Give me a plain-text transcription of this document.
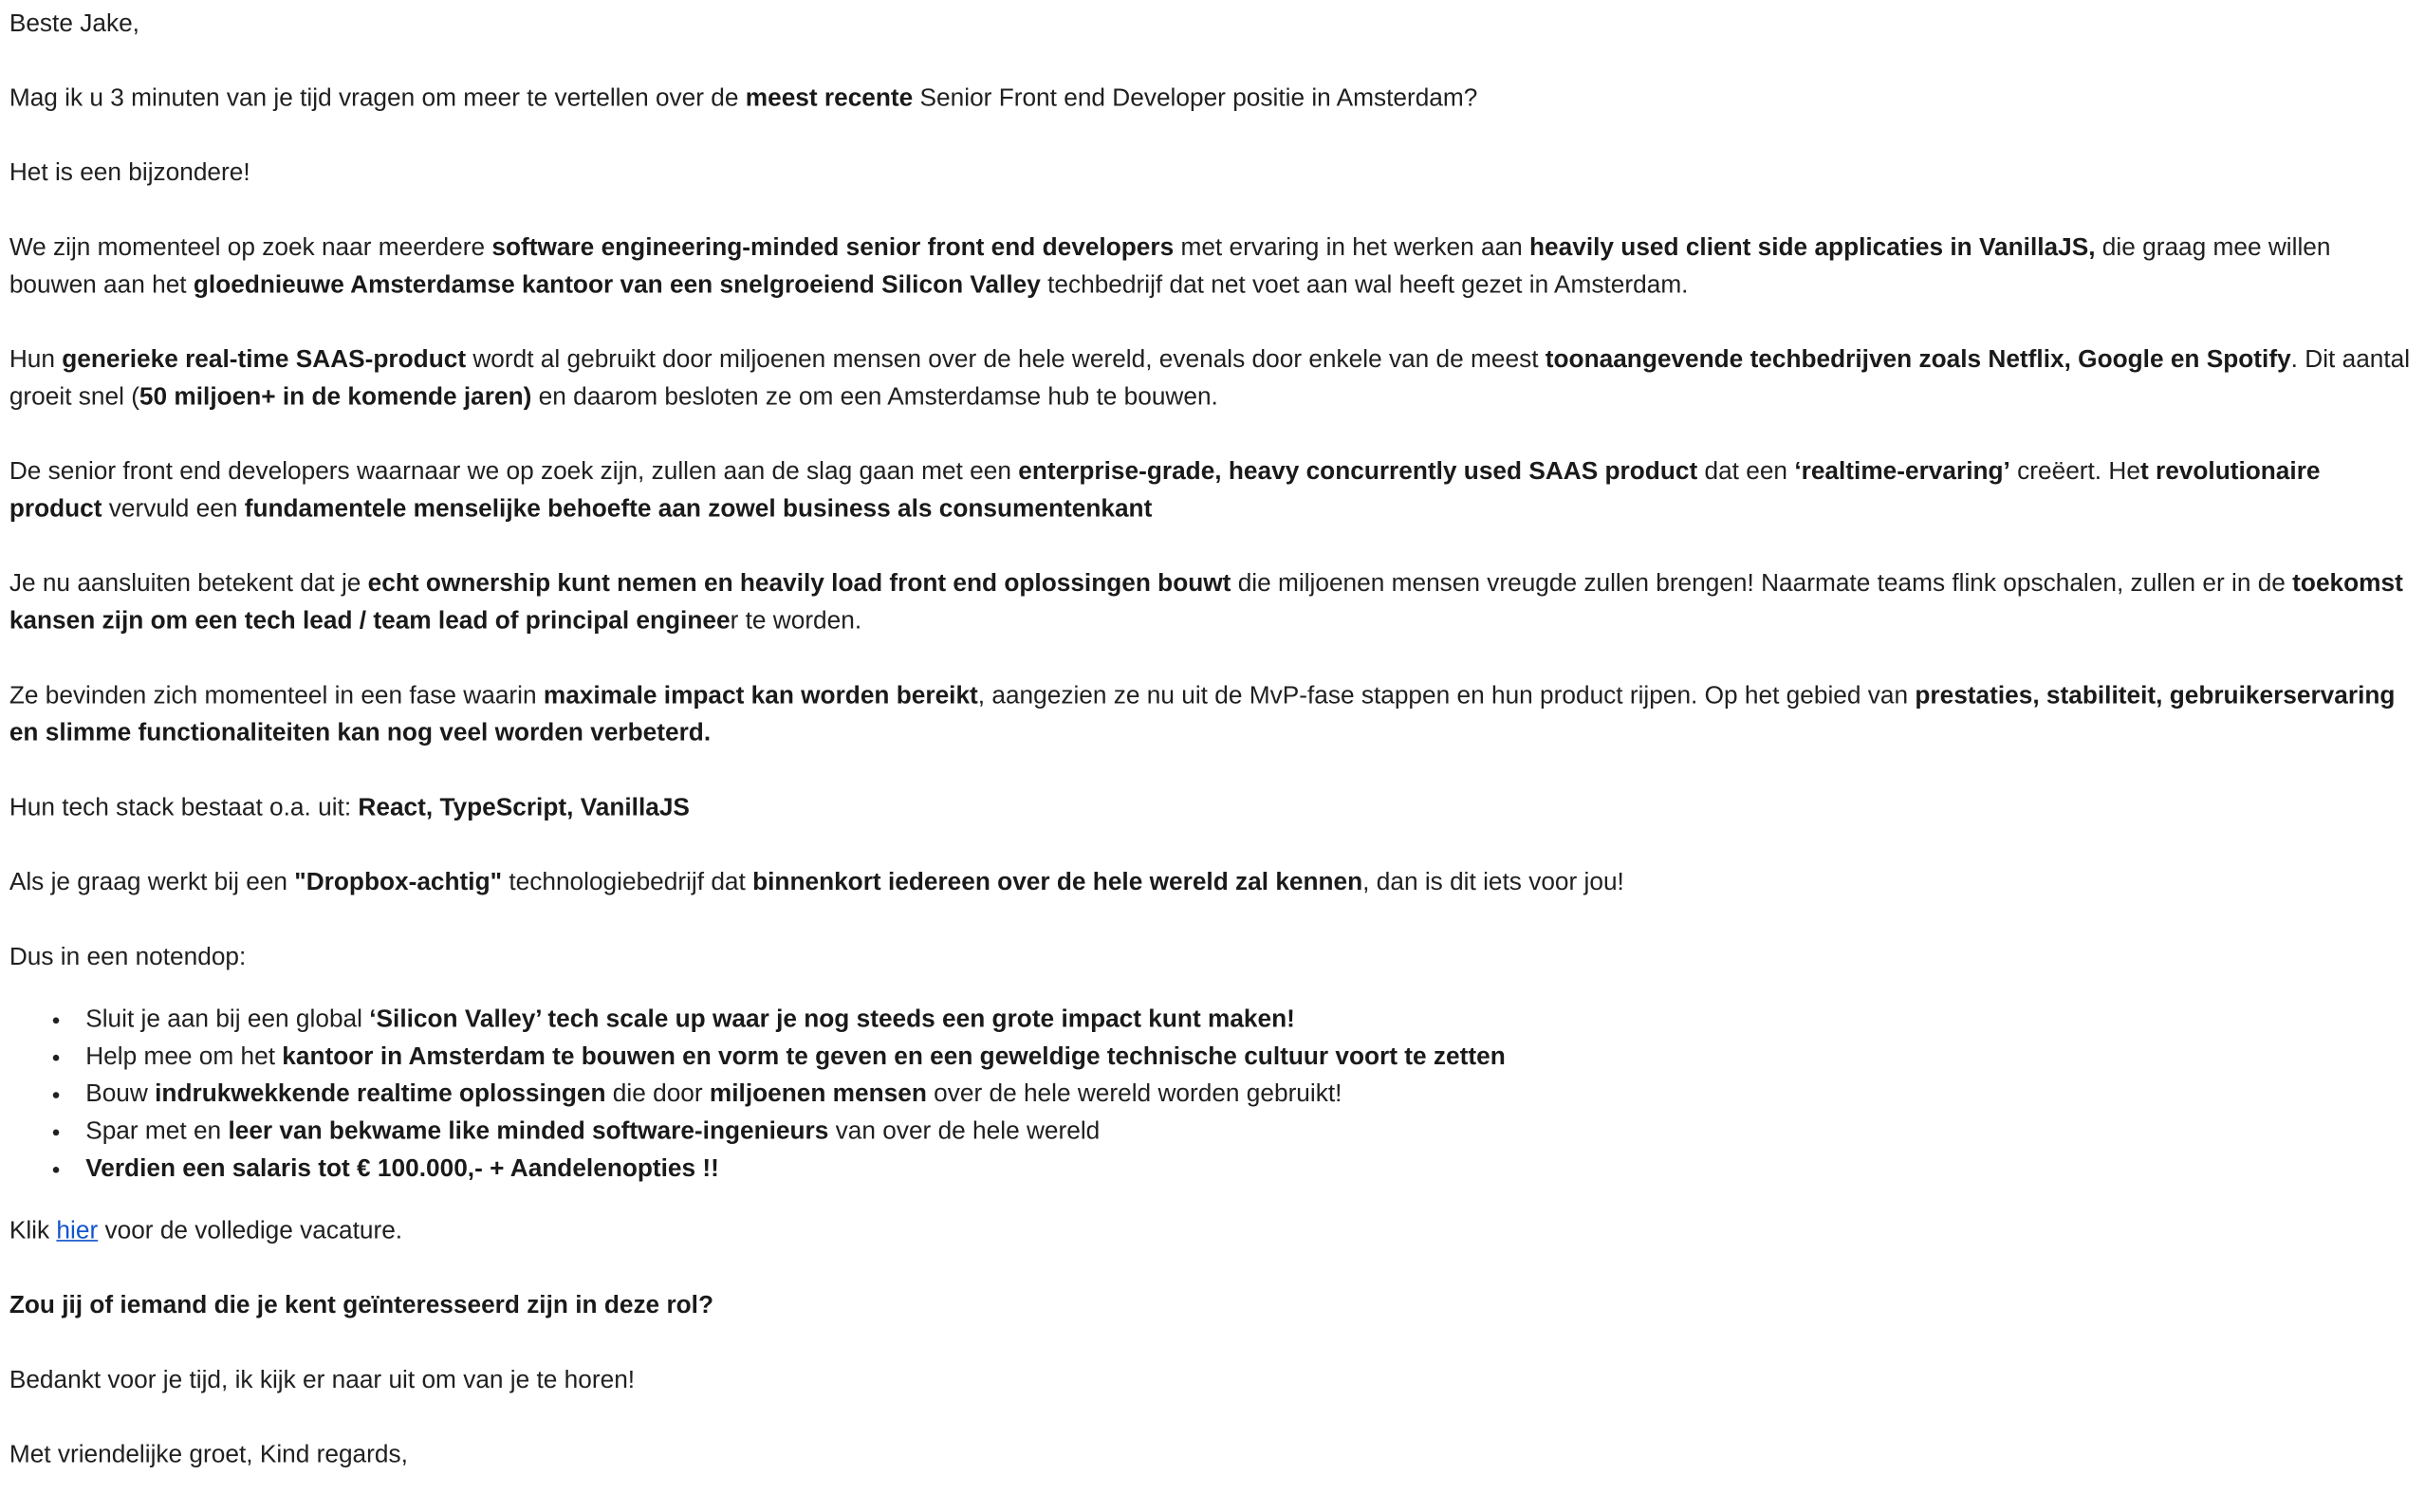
Beste Jake,

Mag ik u 3 minuten van je tijd vragen om meer te vertellen over de meest recente Senior Front end Developer positie in Amsterdam?

Het is een bijzondere!

We zijn momenteel op zoek naar meerdere software engineering-minded senior front end developers met ervaring in het werken aan heavily used client side applicaties in VanillaJS, die graag mee willen bouwen aan het gloednieuwe Amsterdamse kantoor van een snelgroeiend Silicon Valley techbedrijf dat net voet aan wal heeft gezet in Amsterdam.

Hun generieke real-time SAAS-product wordt al gebruikt door miljoenen mensen over de hele wereld, evenals door enkele van de meest toonaangevende techbedrijven zoals Netflix, Google en Spotify. Dit aantal groeit snel (50 miljoen+ in de komende jaren) en daarom besloten ze om een Amsterdamse hub te bouwen.

De senior front end developers waarnaar we op zoek zijn, zullen aan de slag gaan met een enterprise-grade, heavy concurrently used SAAS product dat een ‘realtime-ervaring’ creëert. Het revolutionaire product vervuld een fundamentele menselijke behoefte aan zowel business als consumentenkant

Je nu aansluiten betekent dat je echt ownership kunt nemen en heavily load front end oplossingen bouwt die miljoenen mensen vreugde zullen brengen! Naarmate teams flink opschalen, zullen er in de toekomst kansen zijn om een tech lead / team lead of principal engineer te worden.

Ze bevinden zich momenteel in een fase waarin maximale impact kan worden bereikt, aangezien ze nu uit de MvP-fase stappen en hun product rijpen. Op het gebied van prestaties, stabiliteit, gebruikerservaring en slimme functionaliteiten kan nog veel worden verbeterd.

Hun tech stack bestaat o.a. uit: React, TypeScript, VanillaJS

Als je graag werkt bij een "Dropbox-achtig" technologiebedrijf dat binnenkort iedereen over de hele wereld zal kennen, dan is dit iets voor jou!

Dus in een notendop:

• Sluit je aan bij een global ‘Silicon Valley’ tech scale up waar je nog steeds een grote impact kunt maken!
• Help mee om het kantoor in Amsterdam te bouwen en vorm te geven en een geweldige technische cultuur voort te zetten
• Bouw indrukwekkende realtime oplossingen die door miljoenen mensen over de hele wereld worden gebruikt!
• Spar met en leer van bekwame like minded software-ingenieurs van over de hele wereld
• Verdien een salaris tot € 100.000,- + Aandelenopties !!

Klik hier voor de volledige vacature.

Zou jij of iemand die je kent geïnteresseerd zijn in deze rol?

Bedankt voor je tijd, ik kijk er naar uit om van je te horen!

Met vriendelijke groet, Kind regards,
